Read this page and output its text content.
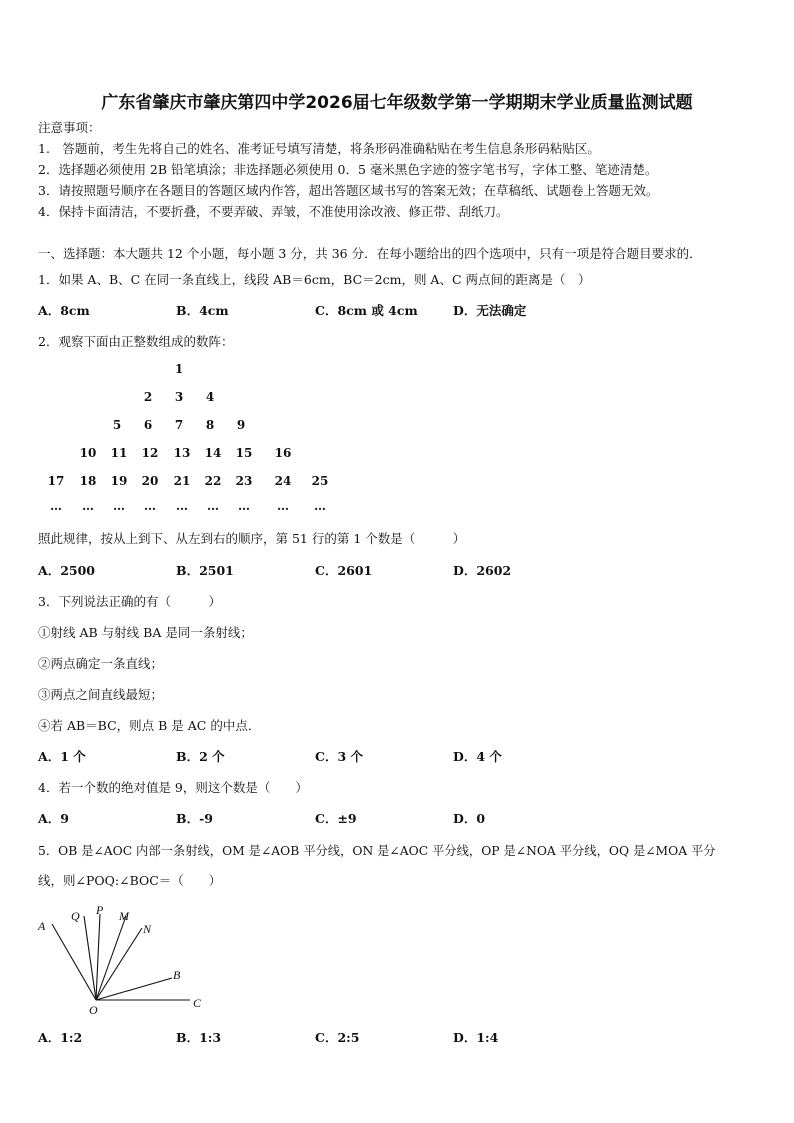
广东省肇庆市肇庆第四中学2026届七年级数学第一学期期末学业质量监测试题
注意事项：
1.　答题前，考生先将自己的姓名、准考证号填写清楚，将条形码准确粘贴在考生信息条形码粘贴区。
2．选择题必须使用 2B 铅笔填涂；非选择题必须使用 0．5 毫米黑色字迹的签字笔书写，字体工整、笔迹清楚。
3．请按照题号顺序在各题目的答题区域内作答，超出答题区域书写的答案无效；在草稿纸、试题卷上答题无效。
4．保持卡面清洁，不要折叠，不要弄破、弄皱，不准使用涂改液、修正带、刮纸刀。
一、选择题：本大题共 12 个小题，每小题 3 分，共 36 分．在每小题给出的四个选项中，只有一项是符合题目要求的．
1．如果 A、B、C 在同一条直线上，线段 AB＝6cm，BC＝2cm，则 A、C 两点间的距离是（　）
A．8cm	B．4cm	C．8cm 或 4cm	D．无法确定
2．观察下面由正整数组成的数阵：
1
2	3	4
5	6	7	8	9
10	11	12	13	14	15	16
17	18	19	20	21	22	23	24	25
…	…	…	…	…	…	…	…	…
照此规律，按从上到下、从左到右的顺序，第 51 行的第 1 个数是（　　　）
A．2500	B．2501	C．2601	D．2602
3．下列说法正确的有（　　　）
①射线 AB 与射线 BA 是同一条射线；
②两点确定一条直线；
③两点之间直线最短；
④若 AB＝BC，则点 B 是 AC 的中点．
A．1 个	B．2 个	C．3 个	D．4 个
4．若一个数的绝对值是 9，则这个数是（　　）
A．9	B．-9	C．±9	D．0
5．OB 是∠AOC 内部一条射线，OM 是∠AOB 平分线，ON 是∠AOC 平分线，OP 是∠NOA 平分线，OQ 是∠MOA 平分
线，则∠POQ:∠BOC＝（　　）
A
Q P M
N
B
C
O
A．1:2	B．1:3	C．2:5	D．1:4
